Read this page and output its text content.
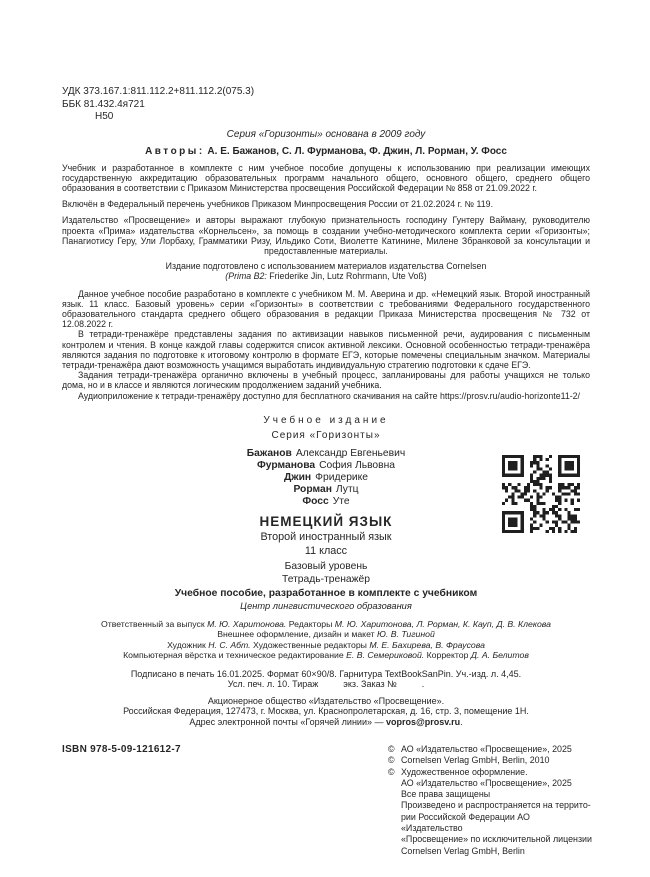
УДК 373.167.1:811.112.2+811.112.2(075.3)
ББК 81.432.4я721
Н50
Серия «Горизонты» основана в 2009 году
Авторы: А. Е. Бажанов, С. Л. Фурманова, Ф. Джин, Л. Рорман, У. Фосс
Учебник и разработанное в комплекте с ним учебное пособие допущены к использованию при реализации имеющих государственную аккредитацию образовательных программ начального общего, основного общего, среднего общего образования в соответствии с Приказом Министерства просвещения Российской Федерации № 858 от 21.09.2022 г.
Включён в Федеральный перечень учебников Приказом Минпросвещения России от 21.02.2024 г. № 119.
Издательство «Просвещение» и авторы выражают глубокую признательность господину Гунтеру Вайману, руководителю проекта «Прима» издательства «Корнельсен», за помощь в создании учебно-методического комплекта серии «Горизонты»; Панагиотису Геру, Ули Лорбаху, Грамматики Ризу, Ильдико Соти, Виолетте Катинине, Милене Збранковой за консультации и предоставленные материалы.
Издание подготовлено с использованием материалов издательства Cornelsen
(Prima B2: Friederike Jin, Lutz Rohrmann, Ute Voß)
Данное учебное пособие разработано в комплекте с учебником М. М. Аверина и др. «Немецкий язык. Второй иностранный язык. 11 класс. Базовый уровень» серии «Горизонты» в соответствии с требованиями Федерального государственного образовательного стандарта среднего общего образования в редакции Приказа Министерства просвещения № 732 от 12.08.2022 г.
В тетради-тренажёре представлены задания по активизации навыков письменной речи, аудирования с письменным контролем и чтения. В конце каждой главы содержится список активной лексики. Основной особенностью тетради-тренажёра являются задания по подготовке к итоговому контролю в формате ЕГЭ, которые помечены специальным значком. Материалы тетради-тренажёра дают возможность учащимся выработать индивидуальную стратегию подготовки к сдаче ЕГЭ.
Задания тетради-тренажёра органично включены в учебный процесс, запланированы для работы учащихся не только дома, но и в классе и являются логическим продолжением заданий учебника.
Аудиоприложение к тетради-тренажёру доступно для бесплатного скачивания на сайте https://prosv.ru/audio-horizonte11-2/
Учебное издание
Серия «Горизонты»
Бажанов Александр Евгеньевич
Фурманова София Львовна
Джин Фридерике
Рорман Лутц
Фосс Уте
НЕМЕЦКИЙ ЯЗЫК
Второй иностранный язык
11 класс
Базовый уровень
Тетрадь-тренажёр
Учебное пособие, разработанное в комплекте с учебником
Центр лингвистического образования
Ответственный за выпуск М. Ю. Харитонова. Редакторы М. Ю. Харитонова, Л. Рорман, К. Кауп, Д. В. Клекова
Внешнее оформление, дизайн и макет Ю. В. Тигиной
Художник Н. С. Абт. Художественные редакторы М. Е. Бахирева, В. Фраусова
Компьютерная вёрстка и техническое редактирование Е. В. Семериковой. Корректор Д. А. Белитов
Подписано в печать 16.01.2025. Формат 60×90/8. Гарнитура TextBookSanPin. Уч.-изд. л. 4,45.
Усл. печ. л. 10. Тираж          экз. Заказ №          .
Акционерное общество «Издательство «Просвещение».
Российская Федерация, 127473, г. Москва, ул. Краснопролетарская, д. 16, стр. 3, помещение 1Н.
Адрес электронной почты «Горячей линии» — vopros@prosv.ru.
ISBN 978-5-09-121612-7	© АО «Издательство «Просвещение», 2025
© Cornelsen Verlag GmbH, Berlin, 2010
© Художественное оформление.
АО «Издательство «Просвещение», 2025
Все права защищены
Произведено и распространяется на террито-
рии Российской Федерации АО «Издательство
«Просвещение» по исключительной лицензии
Cornelsen Verlag GmbH, Berlin
